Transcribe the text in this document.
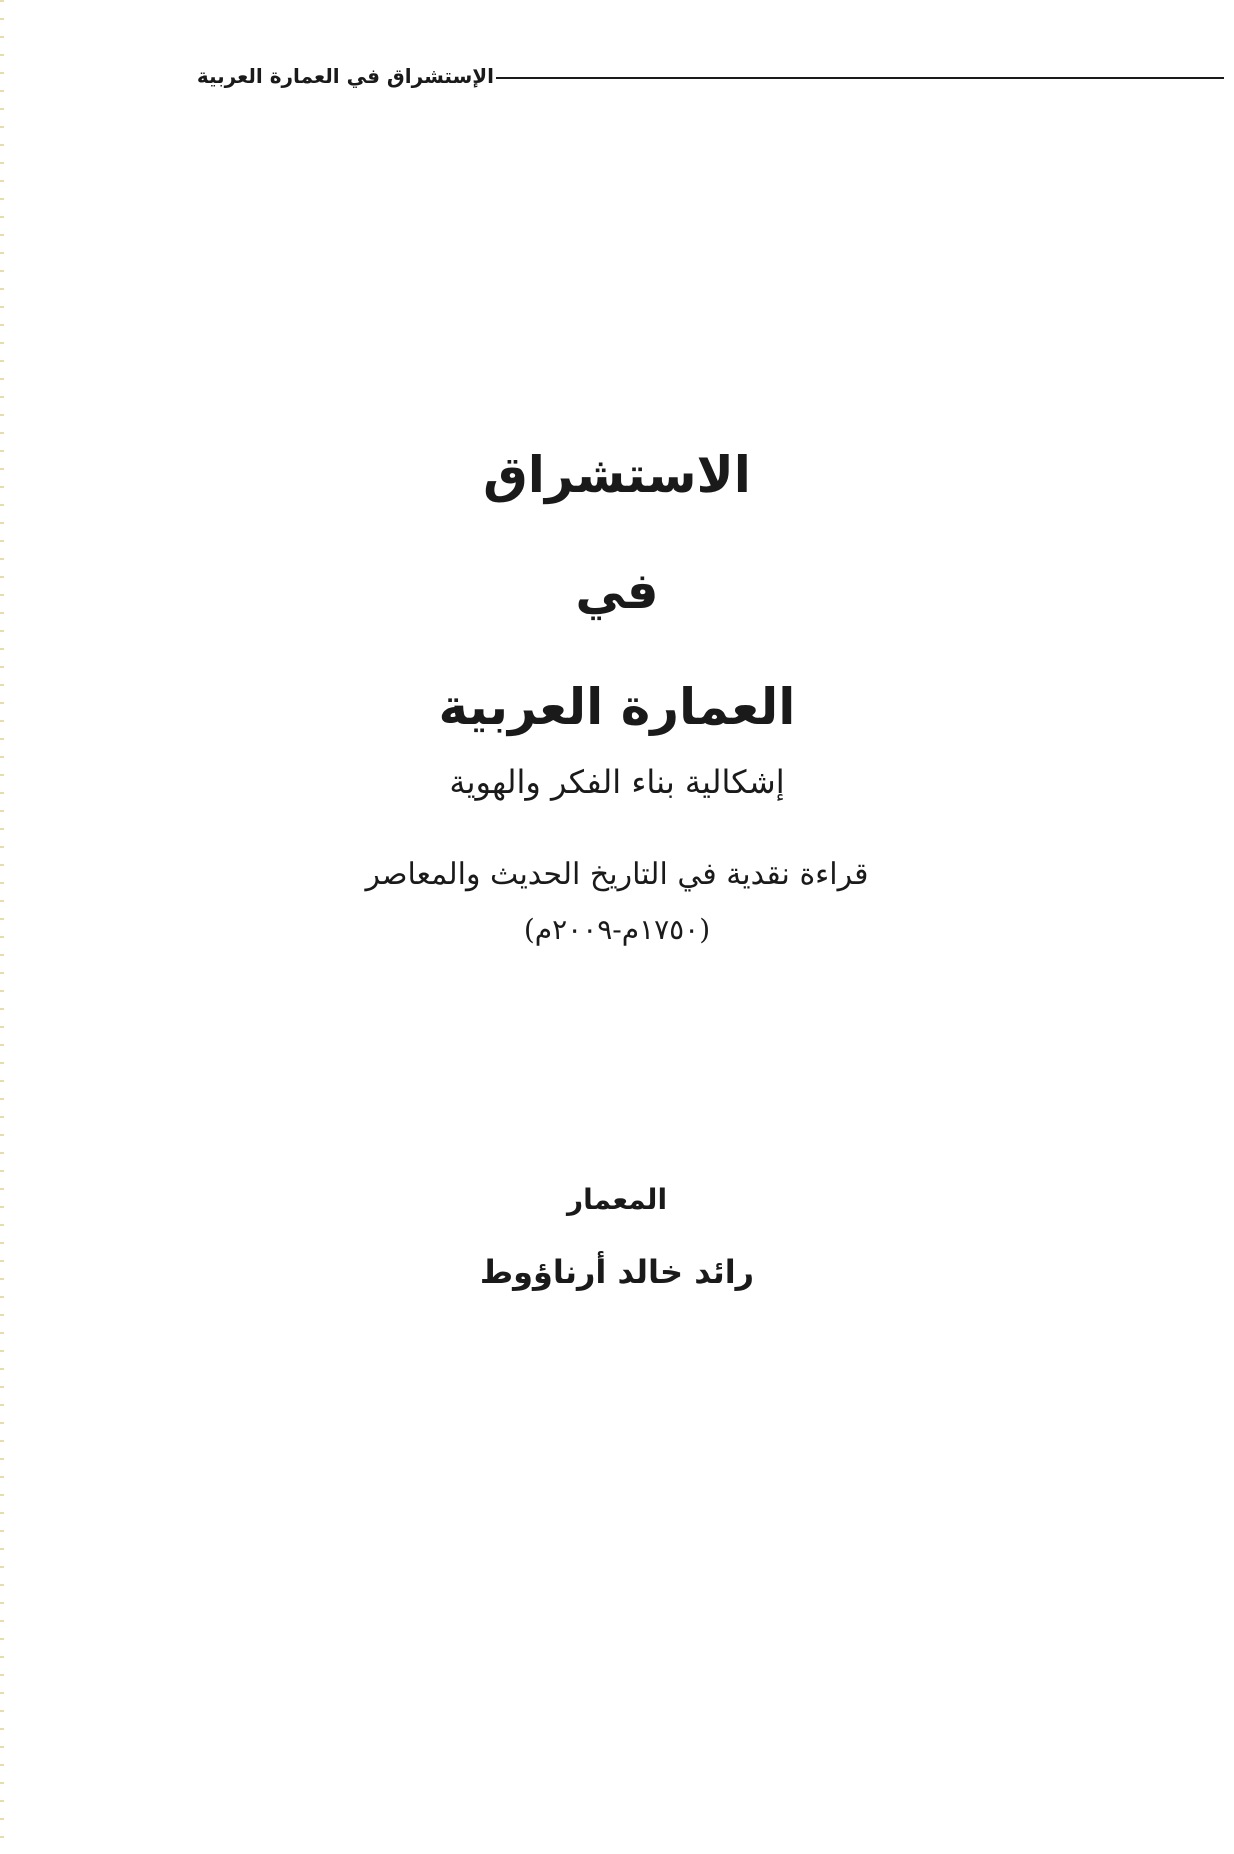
الإستشراق في العمارة العربية
الاستشراق
في
العمارة العربية
إشكالية بناء الفكر والهوية
قراءة نقدية في التاريخ الحديث والمعاصر
(١٧٥٠م-٢٠٠٩م)
المعمار
رائد خالد أرناؤوط
